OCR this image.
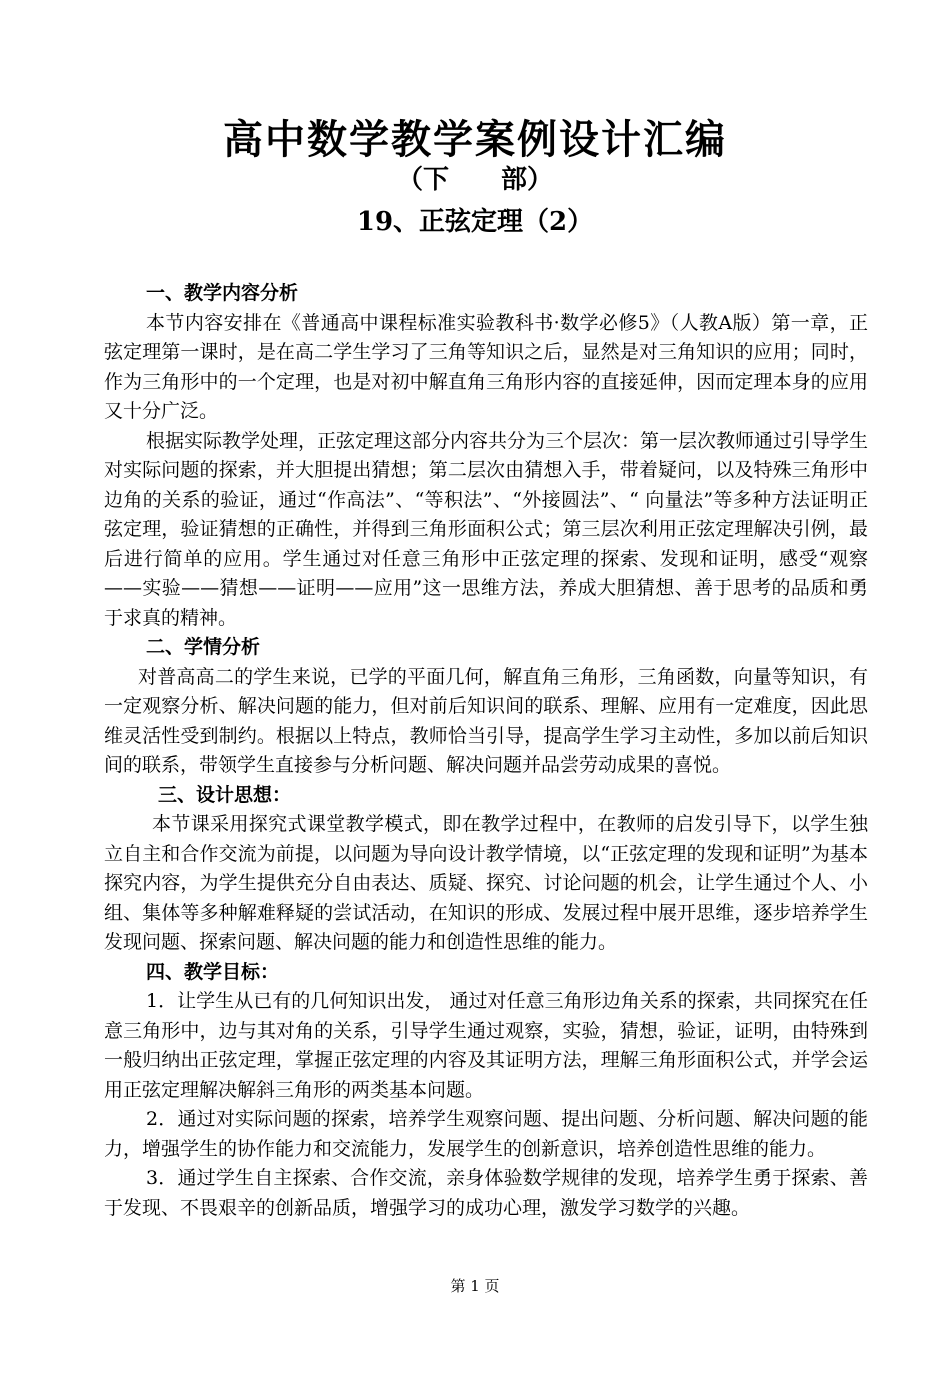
高中数学教学案例设计汇编
（下　　部）
19、正弦定理（2）
一、教学内容分析

本节内容安排在《普通高中课程标准实验教科书·数学必修5》（人教A版）第一章，正弦定理第一课时，是在高二学生学习了三角等知识之后，显然是对三角知识的应用；同时，作为三角形中的一个定理，也是对初中解直角三角形内容的直接延伸，因而定理本身的应用又十分广泛。

根据实际教学处理，正弦定理这部分内容共分为三个层次：第一层次教师通过引导学生对实际问题的探索，并大胆提出猜想；第二层次由猜想入手，带着疑问，以及特殊三角形中边角的关系的验证，通过“作高法”、“等积法”、“外接圆法”、“ 向量法”等多种方法证明正弦定理，验证猜想的正确性，并得到三角形面积公式；第三层次利用正弦定理解决引例，最后进行简单的应用。学生通过对任意三角形中正弦定理的探索、发现和证明，感受“观察——实验——猜想——证明——应用”这一思维方法，养成大胆猜想、善于思考的品质和勇于求真的精神。

二、学情分析

对普高高二的学生来说，已学的平面几何，解直角三角形，三角函数，向量等知识，有一定观察分析、解决问题的能力，但对前后知识间的联系、理解、应用有一定难度，因此思维灵活性受到制约。根据以上特点，教师恰当引导，提高学生学习主动性，多加以前后知识间的联系，带领学生直接参与分析问题、解决问题并品尝劳动成果的喜悦。

三、设计思想：

本节课采用探究式课堂教学模式，即在教学过程中，在教师的启发引导下，以学生独立自主和合作交流为前提，以问题为导向设计教学情境，以“正弦定理的发现和证明”为基本探究内容，为学生提供充分自由表达、质疑、探究、讨论问题的机会，让学生通过个人、小组、集体等多种解难释疑的尝试活动，在知识的形成、发展过程中展开思维，逐步培养学生发现问题、探索问题、解决问题的能力和创造性思维的能力。

四、教学目标：

1．让学生从已有的几何知识出发， 通过对任意三角形边角关系的探索，共同探究在任意三角形中，边与其对角的关系，引导学生通过观察，实验，猜想，验证，证明，由特殊到一般归纳出正弦定理，掌握正弦定理的内容及其证明方法，理解三角形面积公式，并学会运用正弦定理解决解斜三角形的两类基本问题。

2．通过对实际问题的探索，培养学生观察问题、提出问题、分析问题、解决问题的能力，增强学生的协作能力和交流能力，发展学生的创新意识，培养创造性思维的能力。

3．通过学生自主探索、合作交流，亲身体验数学规律的发现，培养学生勇于探索、善于发现、不畏艰辛的创新品质，增强学习的成功心理，激发学习数学的兴趣。

第 1 页
